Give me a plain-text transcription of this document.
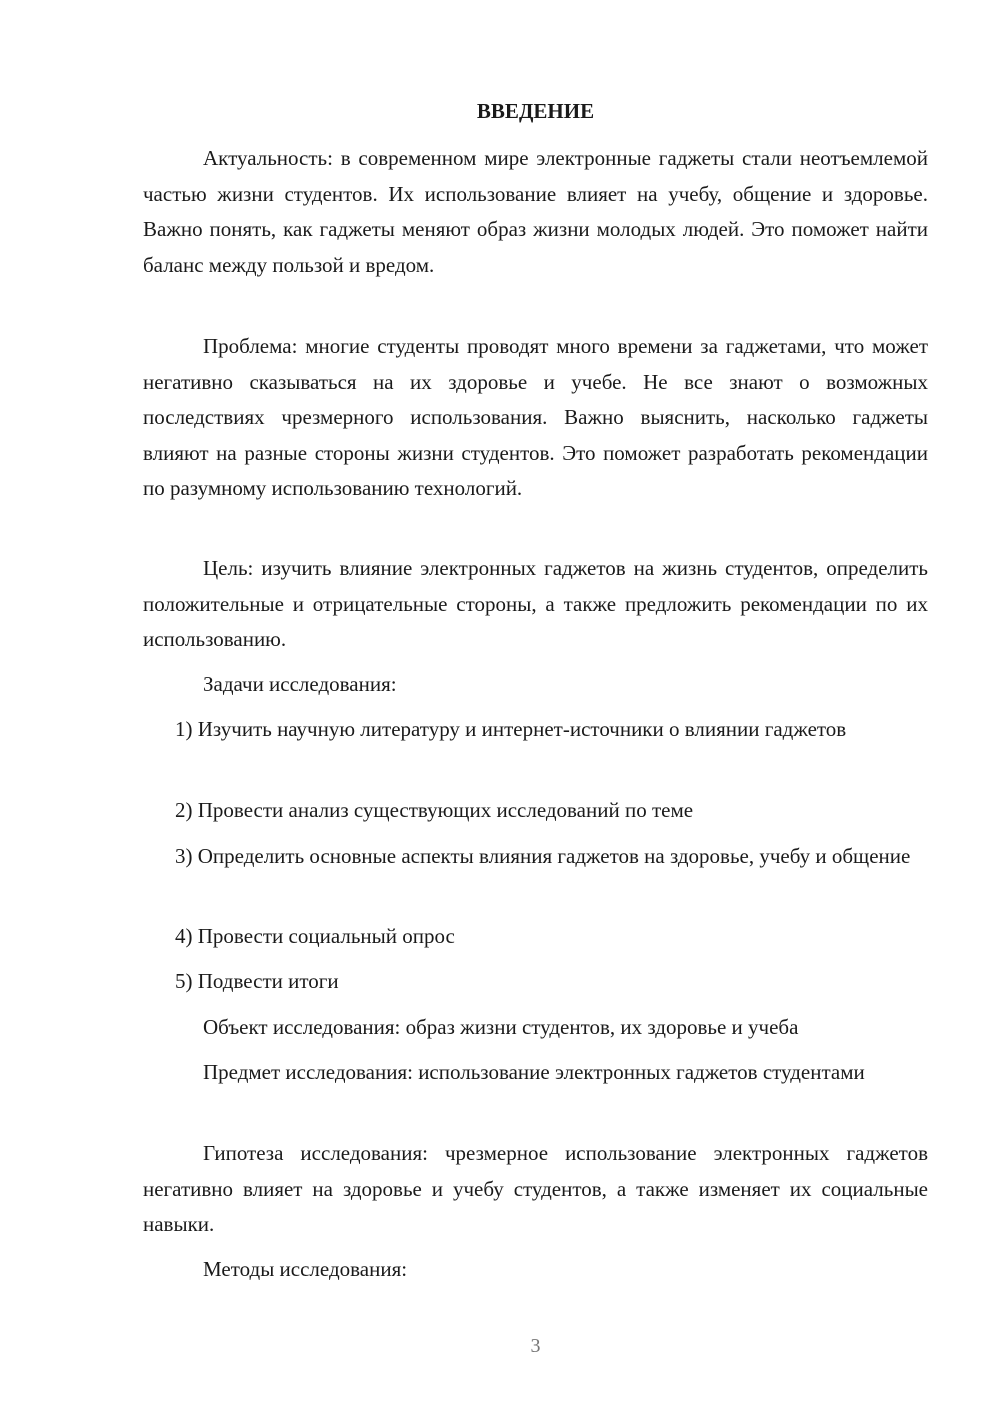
ВВЕДЕНИЕ

Актуальность: в современном мире электронные гаджеты стали неотъемлемой частью жизни студентов. Их использование влияет на учебу, общение и здоровье. Важно понять, как гаджеты меняют образ жизни молодых людей. Это поможет найти баланс между пользой и вредом.

Проблема: многие студенты проводят много времени за гаджетами, что может негативно сказываться на их здоровье и учебе. Не все знают о возможных последствиях чрезмерного использования. Важно выяснить, насколько гаджеты влияют на разные стороны жизни студентов. Это поможет разработать рекомендации по разумному использованию технологий.

Цель: изучить влияние электронных гаджетов на жизнь студентов, определить положительные и отрицательные стороны, а также предложить рекомендации по их использованию.

Задачи исследования:

1) Изучить научную литературу и интернет-источники о влиянии гаджетов

2) Провести анализ существующих исследований по теме

3) Определить основные аспекты влияния гаджетов на здоровье, учебу и общение

4) Провести социальный опрос

5) Подвести итоги

Объект исследования: образ жизни студентов, их здоровье и учеба

Предмет исследования: использование электронных гаджетов студентами

Гипотеза исследования: чрезмерное использование электронных гаджетов негативно влияет на здоровье и учебу студентов, а также изменяет их социальные навыки.

Методы исследования:

3
